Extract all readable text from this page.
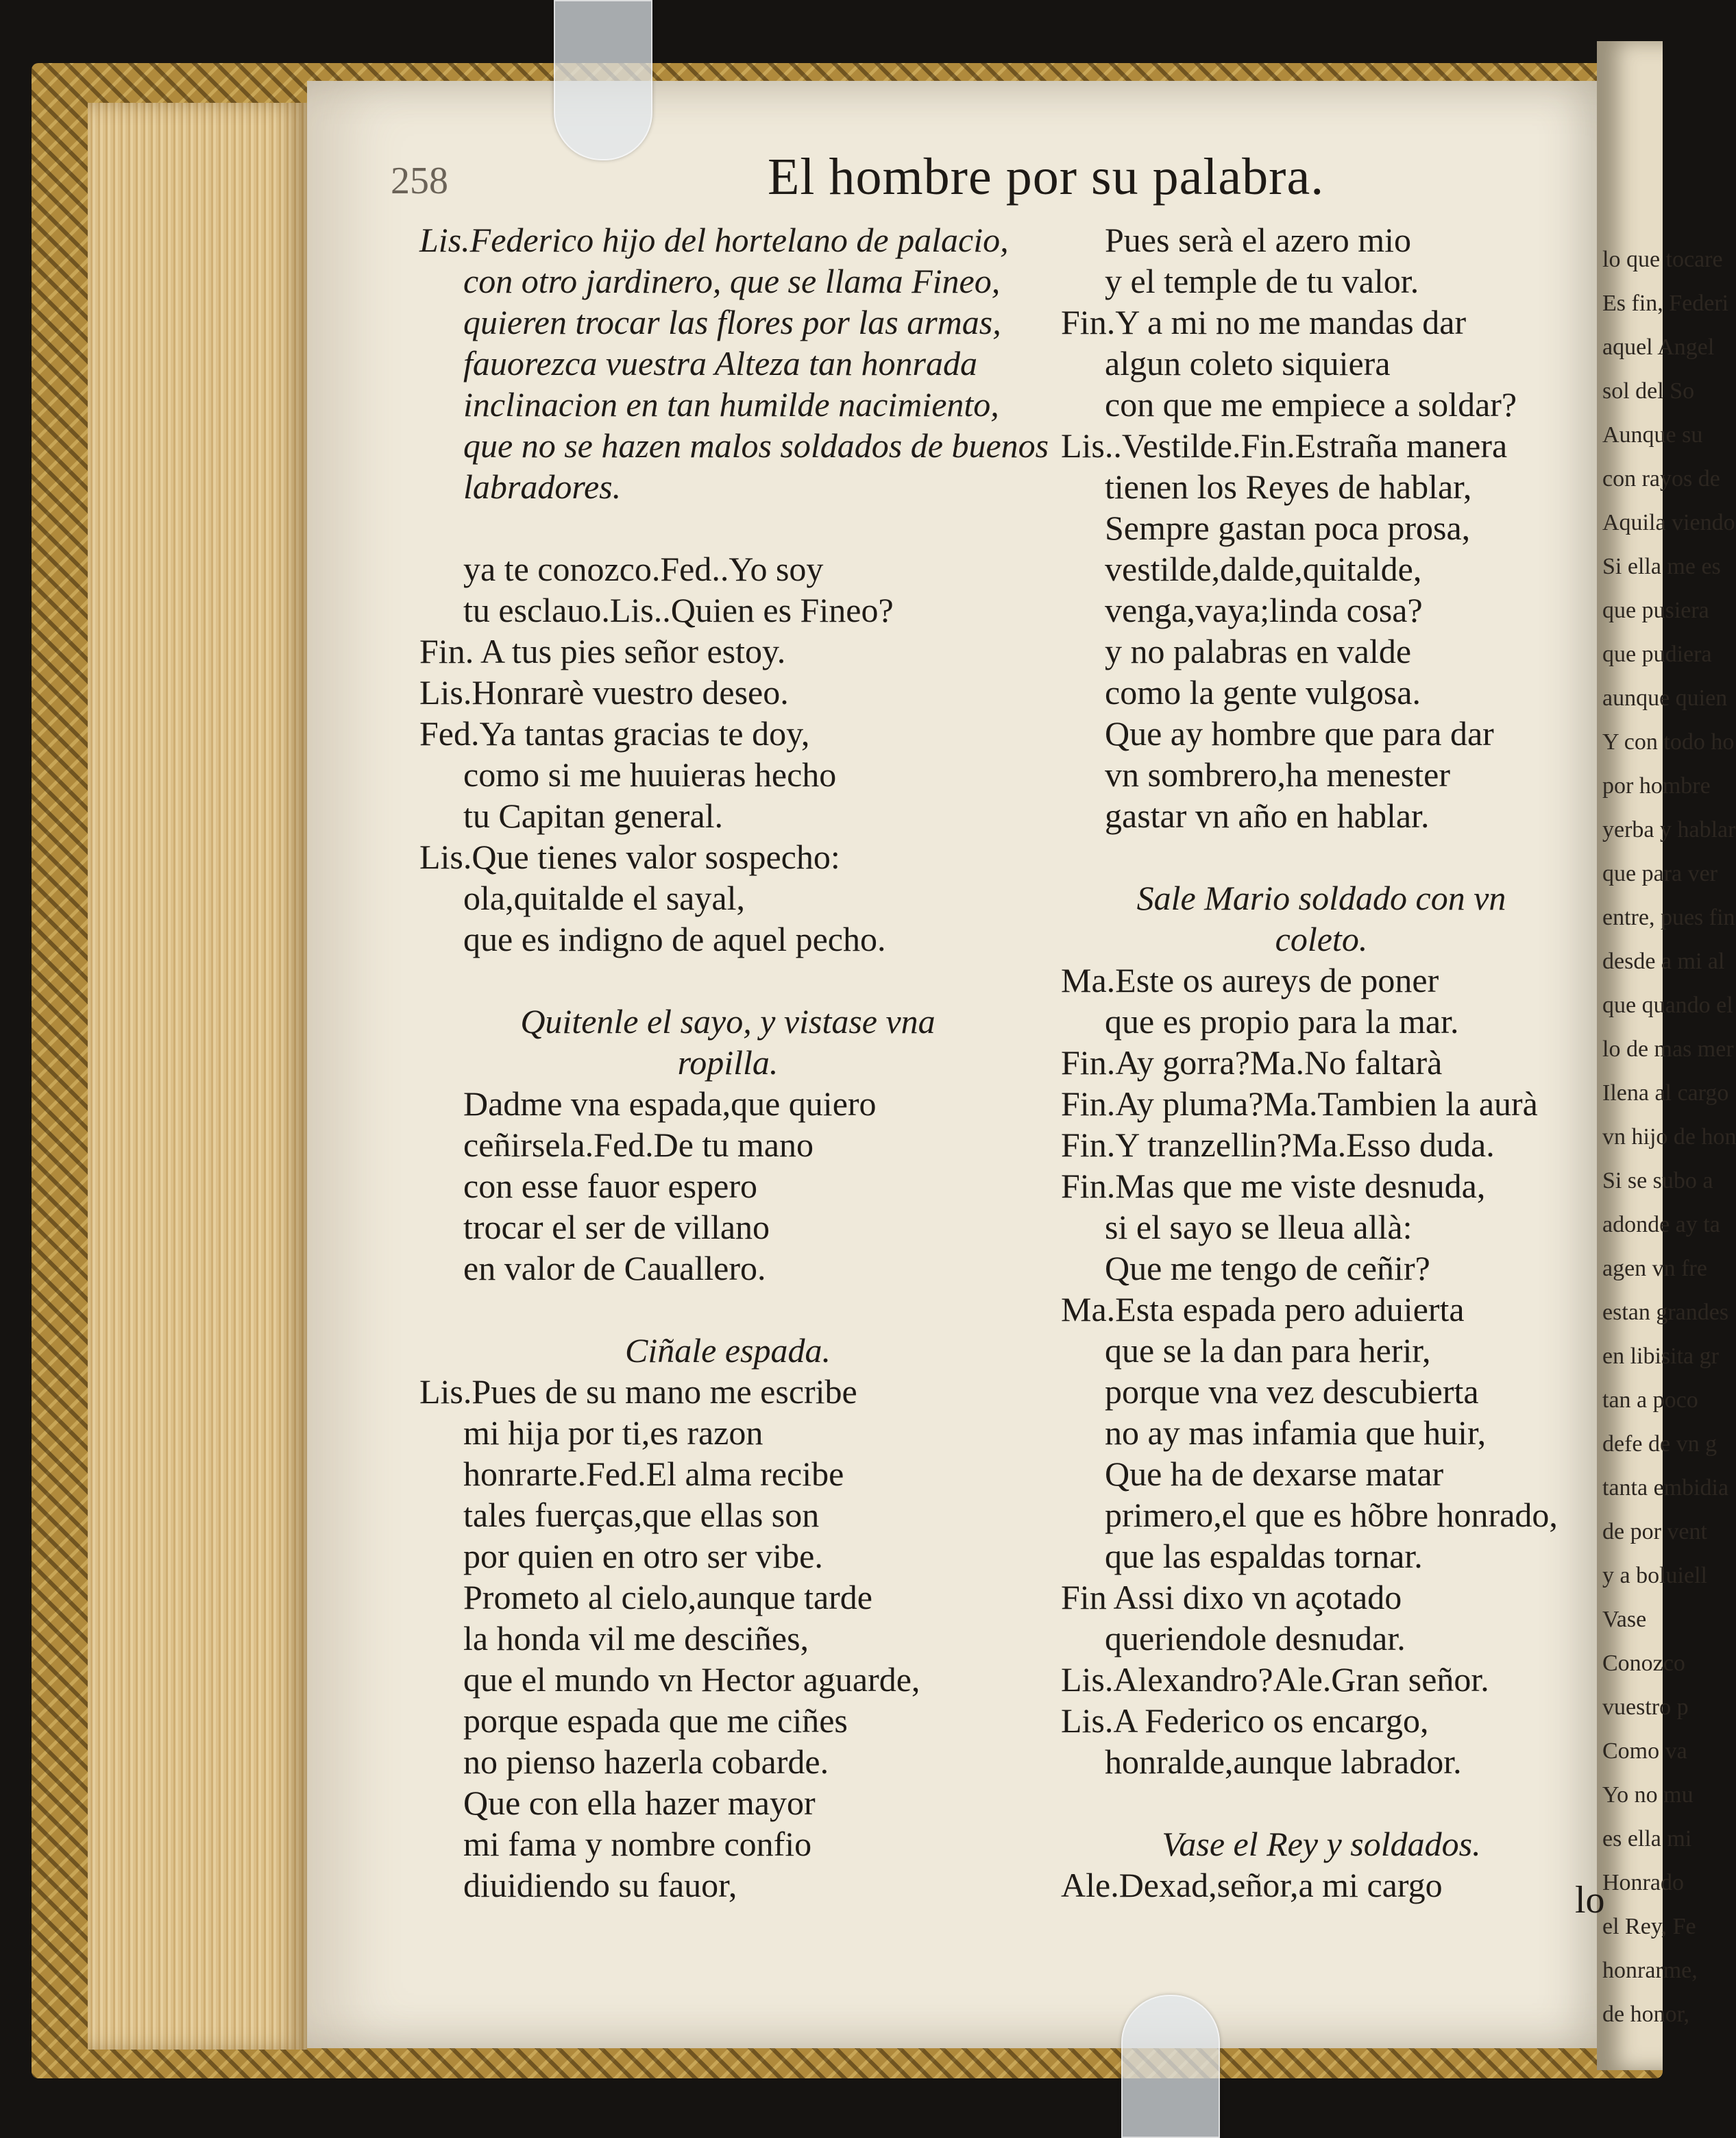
lo que tocare
Es fin, Federi
aquel Angel
sol del So
Aunque su
con rayos de
Aquila viendo
Si ella me es
que pusiera
que pudiera
aunque quien
Y con todo ho
por hombre
yerba y hablar
que para ver
entre, pues fin
desde a mi al
que quando el
lo de mas mer
Ilena al cargo
vn hijo de hon
Si se subo a
adonde ay ta
agen vn fre
estan grandes
en libisita gr
tan a poco
defe de vn g
tanta embidia
de por vent
y a boluiell
Vase
Conozco
vuestro p
Como va
Yo no mu
es ella mi
Honrado
el Rey, Fe
honrarme,
de honor,
258	El hombre por su palabra.
Lis.Federico hijo del hortelano de palacio,
con otro jardinero, que se llama Fineo,
quieren trocar las flores por las armas,
fauorezca vuestra Alteza tan honrada
inclinacion en tan humilde nacimiento,
que no se hazen malos soldados de buenos
labradores.
ya te conozco.Fed..Yo soy
tu esclauo.Lis..Quien es Fineo?
Fin. A tus pies señor estoy.
Lis.Honrarè vuestro deseo.
Fed.Ya tantas gracias te doy,
como si me huuieras hecho
tu Capitan general.
Lis.Que tienes valor sospecho:
ola,quitalde el sayal,
que es indigno de aquel pecho.
Quitenle el sayo, y vistase vna
ropilla.
Dadme vna espada,que quiero
ceñirsela.Fed.De tu mano
con esse fauor espero
trocar el ser de villano
en valor de Cauallero.
Ciñale espada.
Lis.Pues de su mano me escribe
mi hija por ti,es razon
honrarte.Fed.El alma recibe
tales fuerças,que ellas son
por quien en otro ser vibe.
Prometo al cielo,aunque tarde
la honda vil me desciñes,
que el mundo vn Hector aguarde,
porque espada que me ciñes
no pienso hazerla cobarde.
Que con ella hazer mayor
mi fama y nombre confio
diuidiendo su fauor,
Pues serà el azero mio
y el temple de tu valor.
Fin.Y a mi no me mandas dar
algun coleto siquiera
con que me empiece a soldar?
Lis..Vestilde.Fin.Estraña manera
tienen los Reyes de hablar,
Sempre gastan poca prosa,
vestilde,dalde,quitalde,
venga,vaya;linda cosa?
y no palabras en valde
como la gente vulgosa.
Que ay hombre que para dar
vn sombrero,ha menester
gastar vn año en hablar.
Sale Mario soldado con vn
coleto.
Ma.Este os aureys de poner
que es propio para la mar.
Fin.Ay gorra?Ma.No faltarà
Fin.Ay pluma?Ma.Tambien la aurà
Fin.Y tranzellin?Ma.Esso duda.
Fin.Mas que me viste desnuda,
si el sayo se lleua allà:
Que me tengo de ceñir?
Ma.Esta espada pero aduierta
que se la dan para herir,
porque vna vez descubierta
no ay mas infamia que huir,
Que ha de dexarse matar
primero,el que es hõbre honrado,
que las espaldas tornar.
Fin Assi dixo vn açotado
queriendole desnudar.
Lis.Alexandro?Ale.Gran señor.
Lis.A Federico os encargo,
honralde,aunque labrador.
Vase el Rey y soldados.
Ale.Dexad,señor,a mi cargo	lo
